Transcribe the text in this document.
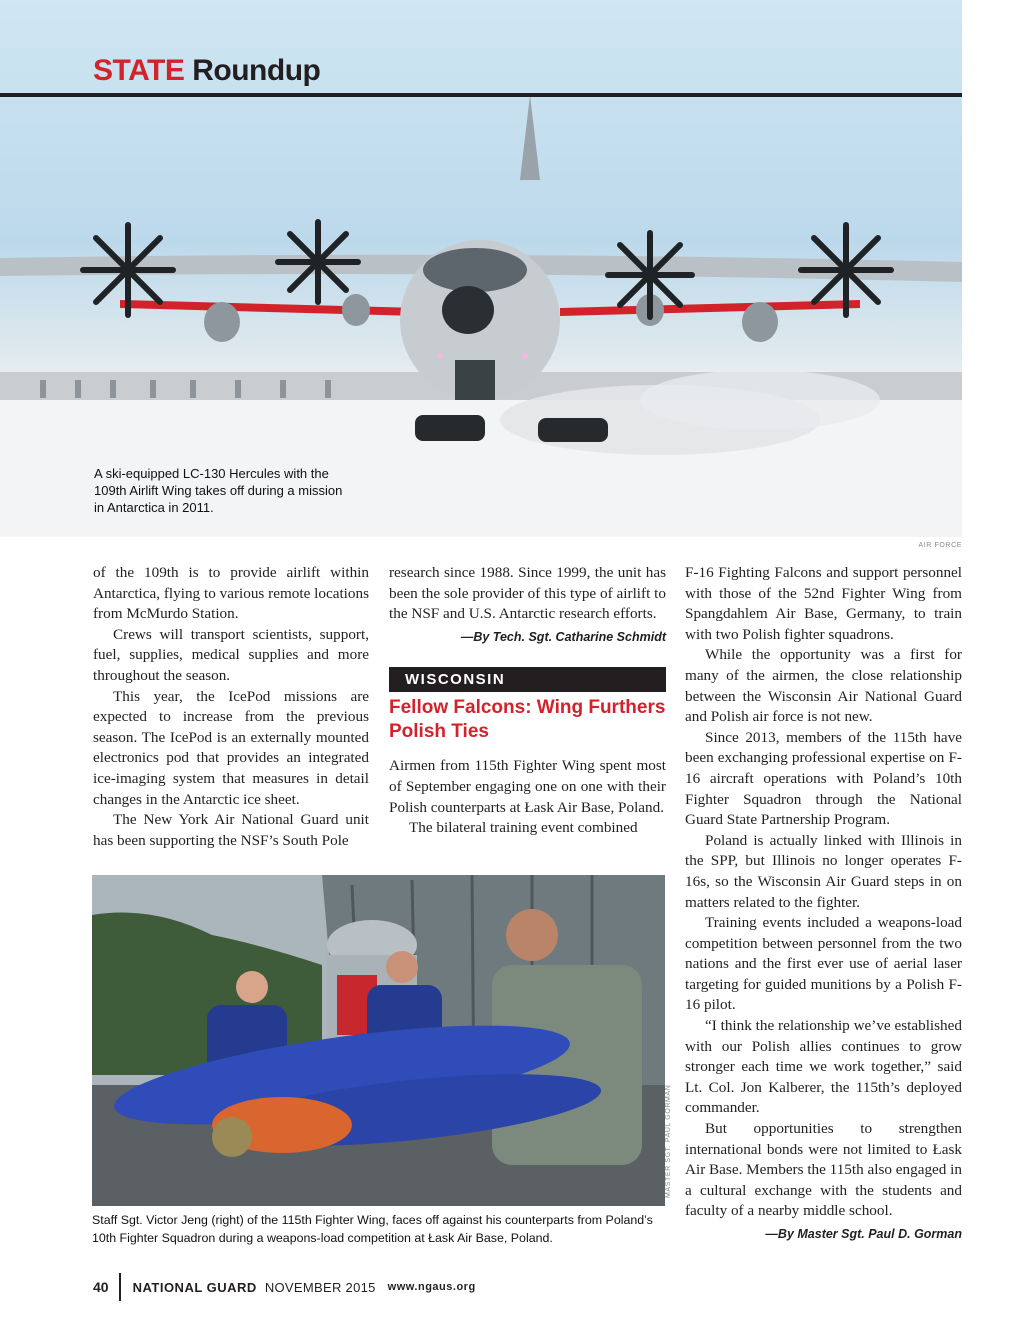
STATE Roundup
A ski-equipped LC-130 Hercules with the 109th Airlift Wing takes off during a mission in Antarctica in 2011.
AIR FORCE

of the 109th is to provide airlift within Antarctica, flying to various remote locations from McMurdo Station.

Crews will transport scientists, support, fuel, supplies, medical supplies and more throughout the season.

This year, the IcePod missions are expected to increase from the previous season. The IcePod is an externally mounted electronics pod that provides an integrated ice-imaging system that measures in detail changes in the Antarctic ice sheet.

The New York Air National Guard unit has been supporting the NSF’s South Pole

research since 1988. Since 1999, the unit has been the sole provider of this type of airlift to the NSF and U.S. Antarctic research efforts.

—By Tech. Sgt. Catharine Schmidt
WISCONSIN
Fellow Falcons: Wing Furthers Polish Ties

Airmen from 115th Fighter Wing spent most of September engaging one on one with their Polish counterparts at Łask Air Base, Poland.

The bilateral training event combined

F-16 Fighting Falcons and support personnel with those of the 52nd Fighter Wing from Spangdahlem Air Base, Germany, to train with two Polish fighter squadrons.

While the opportunity was a first for many of the airmen, the close relationship between the Wisconsin Air National Guard and Polish air force is not new.

Since 2013, members of the 115th have been exchanging professional expertise on F-16 aircraft operations with Poland’s 10th Fighter Squadron through the National Guard State Partnership Program.

Poland is actually linked with Illinois in the SPP, but Illinois no longer operates F-16s, so the Wisconsin Air Guard steps in on matters related to the fighter.

Training events included a weapons-load competition between personnel from the two nations and the first ever use of aerial laser targeting for guided munitions by a Polish F-16 pilot.

“I think the relationship we’ve established with our Polish allies continues to grow stronger each time we work together,” said Lt. Col. Jon Kalberer, the 115th’s deployed commander.

But opportunities to strengthen international bonds were not limited to Łask Air Base. Members the 115th also engaged in a cultural exchange with the students and faculty of a nearby middle school.

—By Master Sgt. Paul D. Gorman
MASTER SGT. PAUL GORMAN
Staff Sgt. Victor Jeng (right) of the 115th Fighter Wing, faces off against his counterparts from Poland’s 10th Fighter Squadron during a weapons-load competition at Łask Air Base, Poland.
40 NATIONAL GUARD NOVEMBER 2015 www.ngaus.org
